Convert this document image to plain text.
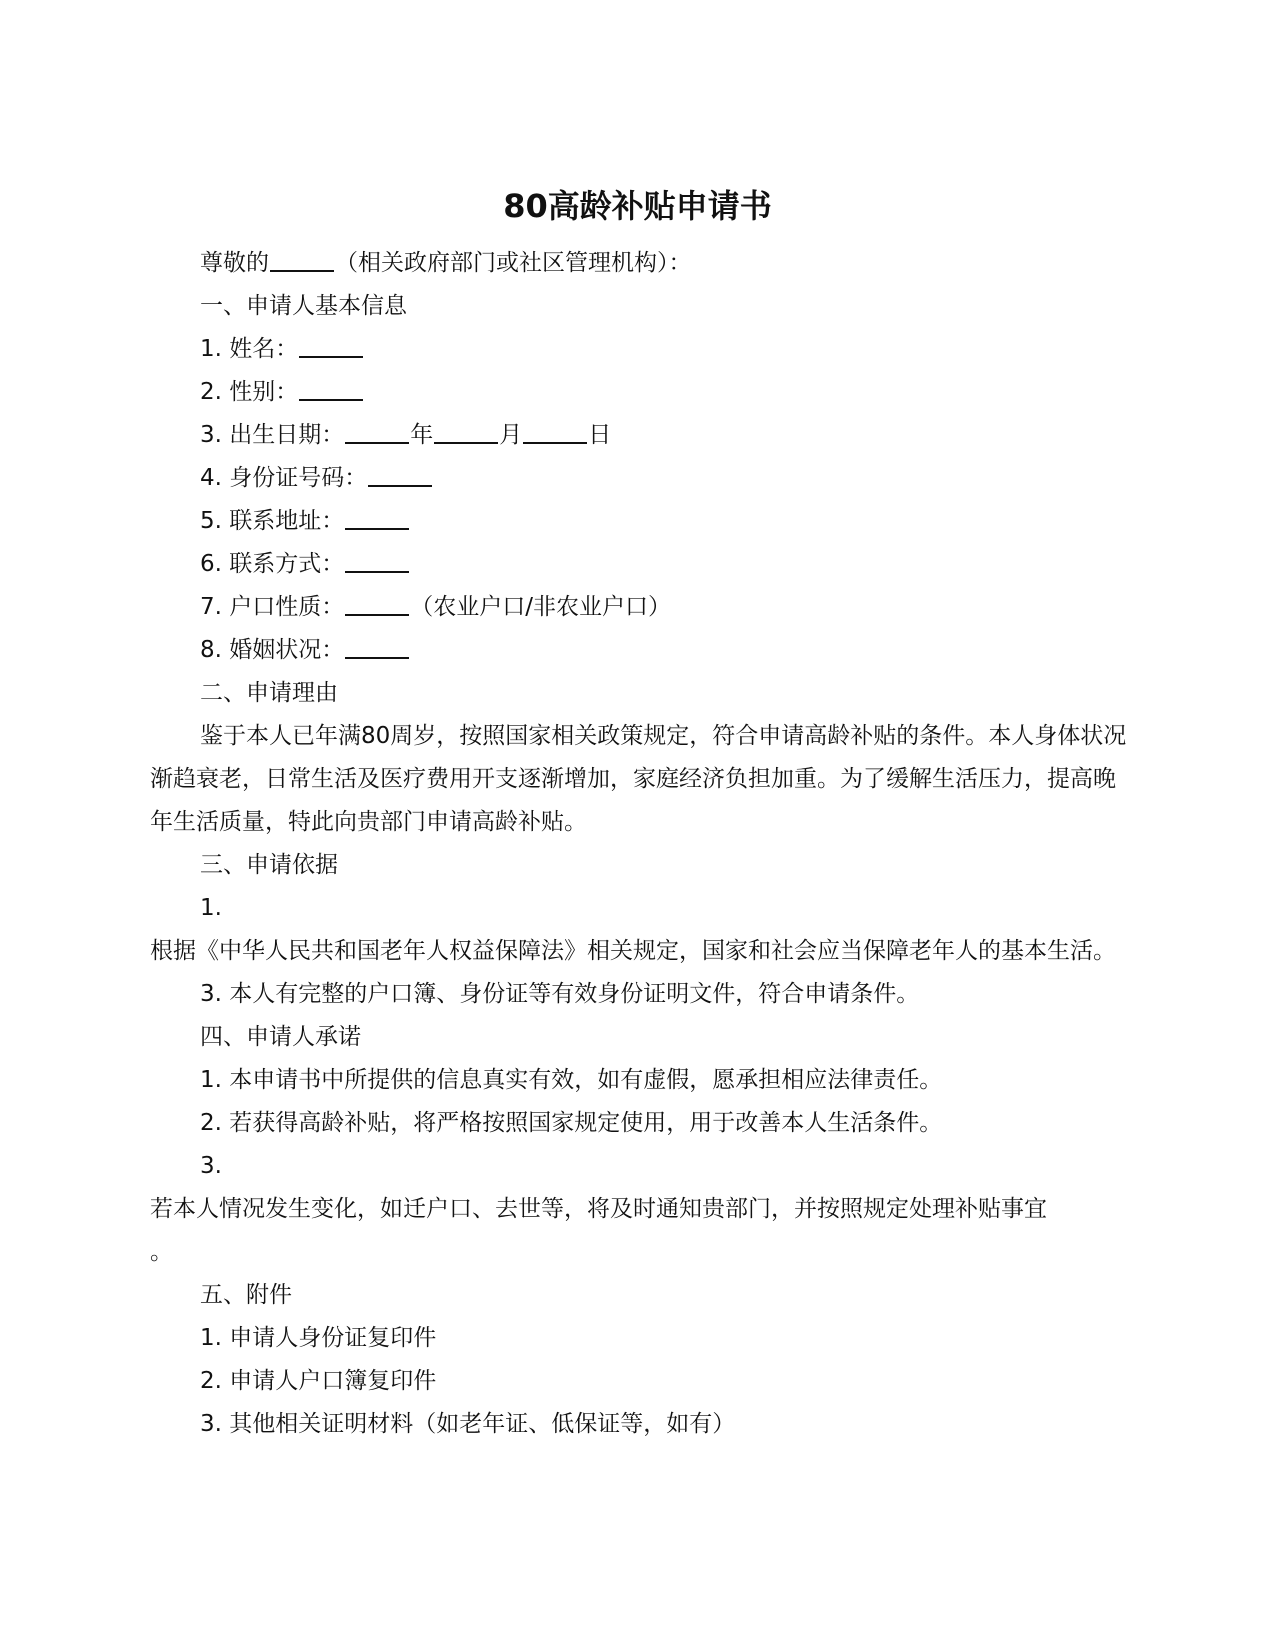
80高龄补贴申请书

尊敬的	（相关政府部门或社区管理机构）：

一、申请人基本信息

1. 姓名：

2. 性别：

3. 出生日期：	年	月	日

4. 身份证号码：

5. 联系地址：

6. 联系方式：

7. 户口性质：	（农业户口/非农业户口）

8. 婚姻状况：

二、申请理由

鉴于本人已年满80周岁，按照国家相关政策规定，符合申请高龄补贴的条件。本人身体状况渐趋衰老，日常生活及医疗费用开支逐渐增加，家庭经济负担加重。为了缓解生活压力，提高晚年生活质量，特此向贵部门申请高龄补贴。

三、申请依据

1.

根据《中华人民共和国老年人权益保障法》相关规定，国家和社会应当保障老年人的基本生活。

3. 本人有完整的户口簿、身份证等有效身份证明文件，符合申请条件。

四、申请人承诺

1. 本申请书中所提供的信息真实有效，如有虚假，愿承担相应法律责任。

2. 若获得高龄补贴，将严格按照国家规定使用，用于改善本人生活条件。

3.

若本人情况发生变化，如迁户口、去世等，将及时通知贵部门，并按照规定处理补贴事宜

。

五、附件

1. 申请人身份证复印件

2. 申请人户口簿复印件

3. 其他相关证明材料（如老年证、低保证等，如有）
